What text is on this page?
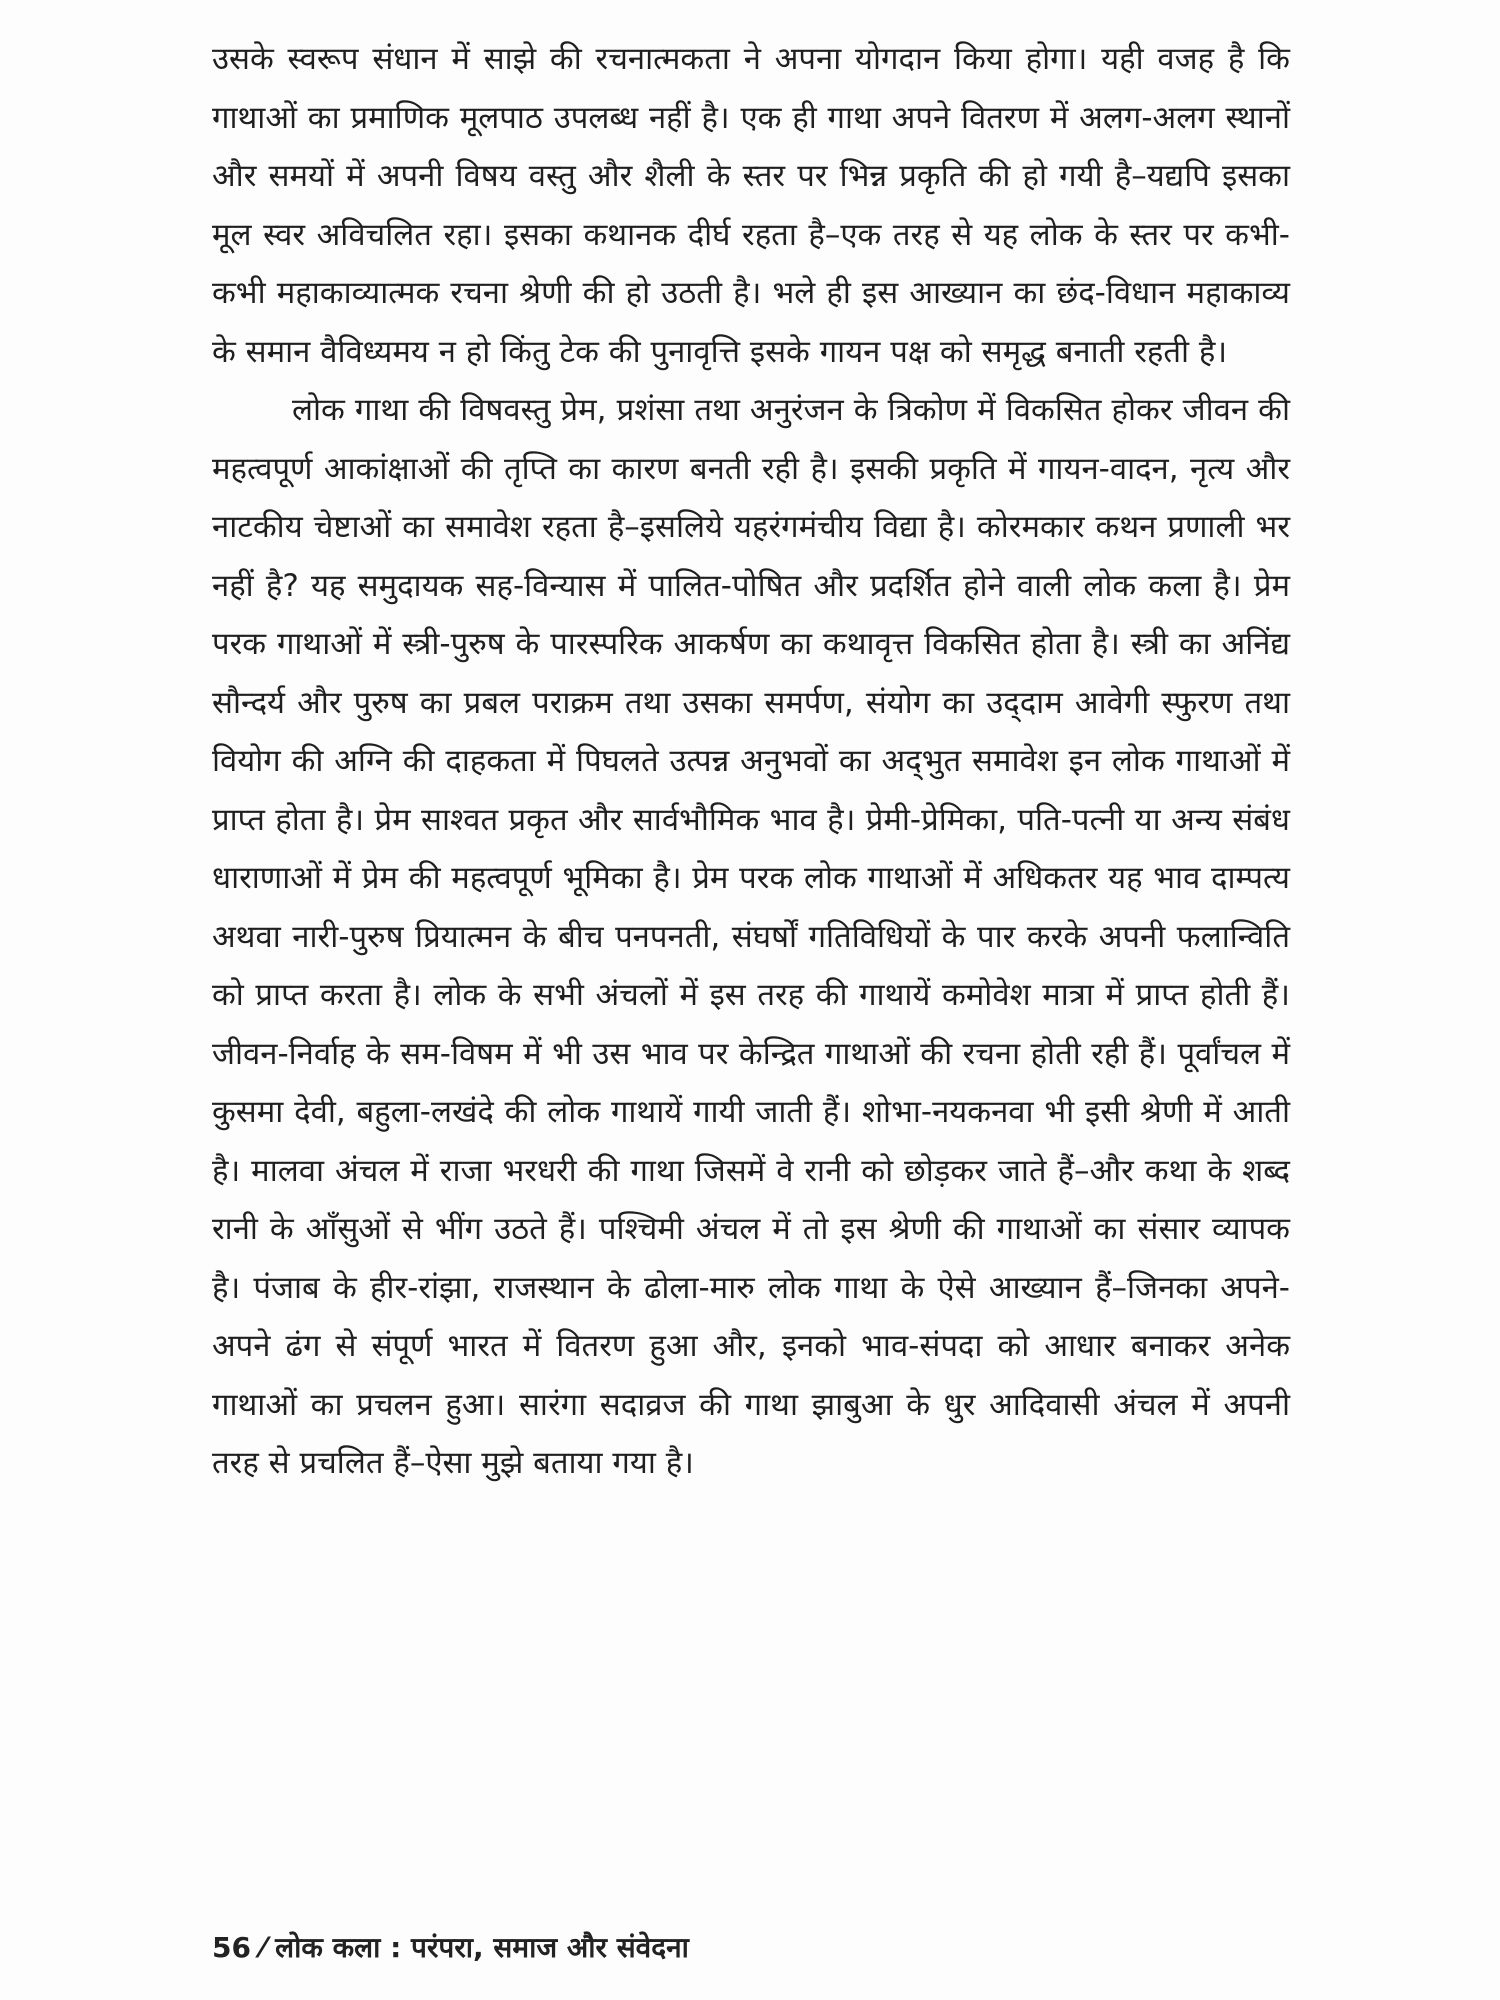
उसके स्वरूप संधान में साझे की रचनात्मकता ने अपना योगदान किया होगा। यही वजह है कि गाथाओं का प्रमाणिक मूलपाठ उपलब्ध नहीं है। एक ही गाथा अपने वितरण में अलग-अलग स्थानों और समयों में अपनी विषय वस्तु और शैली के स्तर पर भिन्न प्रकृति की हो गयी है–यद्यपि इसका मूल स्वर अविचलित रहा। इसका कथानक दीर्घ रहता है–एक तरह से यह लोक के स्तर पर कभी-कभी महाकाव्यात्मक रचना श्रेणी की हो उठती है। भले ही इस आख्यान का छंद-विधान महाकाव्य के समान वैविध्यमय न हो किंतु टेक की पुनावृत्ति इसके गायन पक्ष को समृद्ध बनाती रहती है।

लोक गाथा की विषवस्तु प्रेम, प्रशंसा तथा अनुरंजन के त्रिकोण में विकसित होकर जीवन की महत्वपूर्ण आकांक्षाओं की तृप्ति का कारण बनती रही है। इसकी प्रकृति में गायन-वादन, नृत्य और नाटकीय चेष्टाओं का समावेश रहता है–इसलिये यहरंगमंचीय विद्या है। कोरमकार कथन प्रणाली भर नहीं है? यह समुदायक सह-विन्यास में पालित-पोषित और प्रदर्शित होने वाली लोक कला है। प्रेम परक गाथाओं में स्त्री-पुरुष के पारस्परिक आकर्षण का कथावृत्त विकसित होता है। स्त्री का अनिंद्य सौन्दर्य और पुरुष का प्रबल पराक्रम तथा उसका समर्पण, संयोग का उद्‌दाम आवेगी स्फुरण तथा वियोग की अग्नि की दाहकता में पिघलते उत्पन्न अनुभवों का अद्‌भुत समावेश इन लोक गाथाओं में प्राप्त होता है। प्रेम साश्वत प्रकृत और सार्वभौमिक भाव है। प्रेमी-प्रेमिका, पति-पत्नी या अन्य संबंध धाराणाओं में प्रेम की महत्वपूर्ण भूमिका है। प्रेम परक लोक गाथाओं में अधिकतर यह भाव दाम्पत्य अथवा नारी-पुरुष प्रियात्मन के बीच पनपनती, संघर्षों गतिविधियों के पार करके अपनी फलान्विति को प्राप्त करता है। लोक के सभी अंचलों में इस तरह की गाथायें कमोवेश मात्रा में प्राप्त होती हैं। जीवन-निर्वाह के सम-विषम में भी उस भाव पर केन्द्रित गाथाओं की रचना होती रही हैं। पूर्वांचल में कुसमा देवी, बहुला-लखंदे की लोक गाथायें गायी जाती हैं। शोभा-नयकनवा भी इसी श्रेणी में आती है। मालवा अंचल में राजा भरधरी की गाथा जिसमें वे रानी को छोड़कर जाते हैं–और कथा के शब्द रानी के आँसुओं से भींग उठते हैं। पश्चिमी अंचल में तो इस श्रेणी की गाथाओं का संसार व्यापक है। पंजाब के हीर-रांझा, राजस्थान के ढोला-मारु लोक गाथा के ऐसे आख्यान हैं–जिनका अपने-अपने ढंग से संपूर्ण भारत में वितरण हुआ और, इनको भाव-संपदा को आधार बनाकर अनेक गाथाओं का प्रचलन हुआ। सारंगा सदाव्रज की गाथा झाबुआ के धुर आदिवासी अंचल में अपनी तरह से प्रचलित हैं–ऐसा मुझे बताया गया है।

56 ⁄ लोक कला : परंपरा, समाज और संवेदना
